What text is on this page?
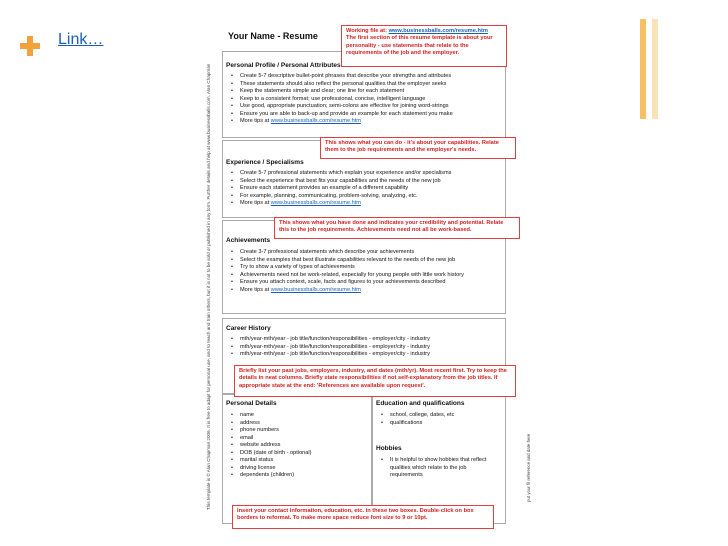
Link…
This template is © Alan Chapman 2006. It is free to adapt for personal use, and to teach and train others, but it is not to be sold or published in any form. Further details and help at www.businessballs.com. Alan Chapman	put your fil reference and date here
Your Name - Resume
Personal Profile / Personal Attributes
• Create 5-7 descriptive bullet-point phrases that describe your strengths and attributes
• These statements should also reflect the personal qualities that the employer seeks
• Keep the statements simple and clear; one line for each statement
• Keep to a consistent format; use professional, concise, intelligent language
• Use good, appropriate punctuation; semi-colons are effective for joining word-strings
• Ensure you are able to back-up and provide an example for each statement you make
• More tips at www.businessballs.com/resume.htm
Experience / Specialisms
• Create 5-7 professional statements which explain your experience and/or specialisms
• Select the experience that best fits your capabilities and the needs of the new job
• Ensure each statement provides an example of a different capability
• For example, planning, communicating, problem-solving, analyzing, etc.
• More tips at www.businessballs.com/resume.htm
Achievements
• Create 3-7 professional statements which describe your achievements
• Select the examples that best illustrate capabilities relevant to the needs of the new job
• Try to show a variety of types of achievements
• Achievements need not be work-related, especially for young people with little work history
• Ensure you attach context, scale, facts and figures to your achievements described
• More tips at www.businessballs.com/resume.htm
Career History
• mth/year-mth/year - job title/function/responsibilities - employer/city - industry
• mth/year-mth/year - job title/function/responsibilities - employer/city - industry
• mth/year-mth/year - job title/function/responsibilities - employer/city - industry
Personal Details
• name
• address
• phone numbers
• email
• website address
• DOB (date of birth - optional)
• marital status
• driving license
• dependents (children)
Education and qualifications
• school, college, dates, etc
• qualifications
Hobbies
• It is helpful to show hobbies that reflect qualities which relate to the job requirements
Working file at: www.businessballs.com/resume.htm
The first section of this resume template is about your personality - use statements that relate to the requirements of the job and the employer.
This shows what you can do - it's about your capabilities. Relate them to the job requirements and the employer's needs.
This shows what you have done and indicates your credibility and potential. Relate this to the job requirements. Achievements need not all be work-based.
Briefly list your past jobs, employers, industry, and dates (mth/yr). Most recent first. Try to keep the details in neat columns. Briefly state responsibilities if not self-explanatory from the job titles. If appropriate state at the end: 'References are available upon request'.
Insert your contact information, education, etc. in these two boxes. Double-click on box borders to reformat. To make more space reduce font size to 9 or 10pt.
